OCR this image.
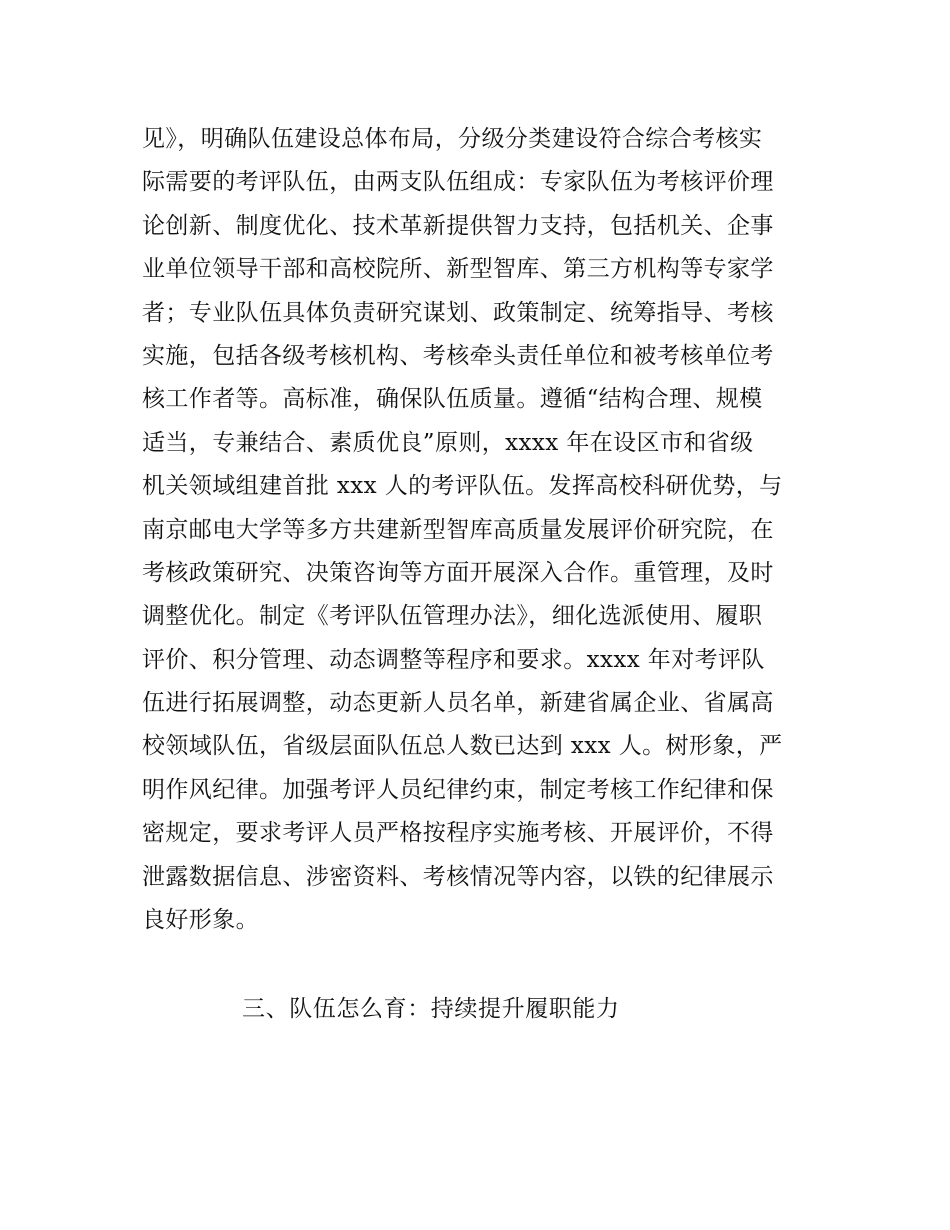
见》，明确队伍建设总体布局，分级分类建设符合综合考核实
际需要的考评队伍，由两支队伍组成：专家队伍为考核评价理
论创新、制度优化、技术革新提供智力支持，包括机关、企事
业单位领导干部和高校院所、新型智库、第三方机构等专家学
者；专业队伍具体负责研究谋划、政策制定、统筹指导、考核
实施，包括各级考核机构、考核牵头责任单位和被考核单位考
核工作者等。高标准，确保队伍质量。遵循“结构合理、规模
适当，专兼结合、素质优良”原则，xxxx 年在设区市和省级
机关领域组建首批 xxx 人的考评队伍。发挥高校科研优势，与
南京邮电大学等多方共建新型智库高质量发展评价研究院，在
考核政策研究、决策咨询等方面开展深入合作。重管理，及时
调整优化。制定《考评队伍管理办法》，细化选派使用、履职
评价、积分管理、动态调整等程序和要求。xxxx 年对考评队
伍进行拓展调整，动态更新人员名单，新建省属企业、省属高
校领域队伍，省级层面队伍总人数已达到 xxx 人。树形象，严
明作风纪律。加强考评人员纪律约束，制定考核工作纪律和保
密规定，要求考评人员严格按程序实施考核、开展评价，不得
泄露数据信息、涉密资料、考核情况等内容，以铁的纪律展示
良好形象。
三、队伍怎么育：持续提升履职能力
